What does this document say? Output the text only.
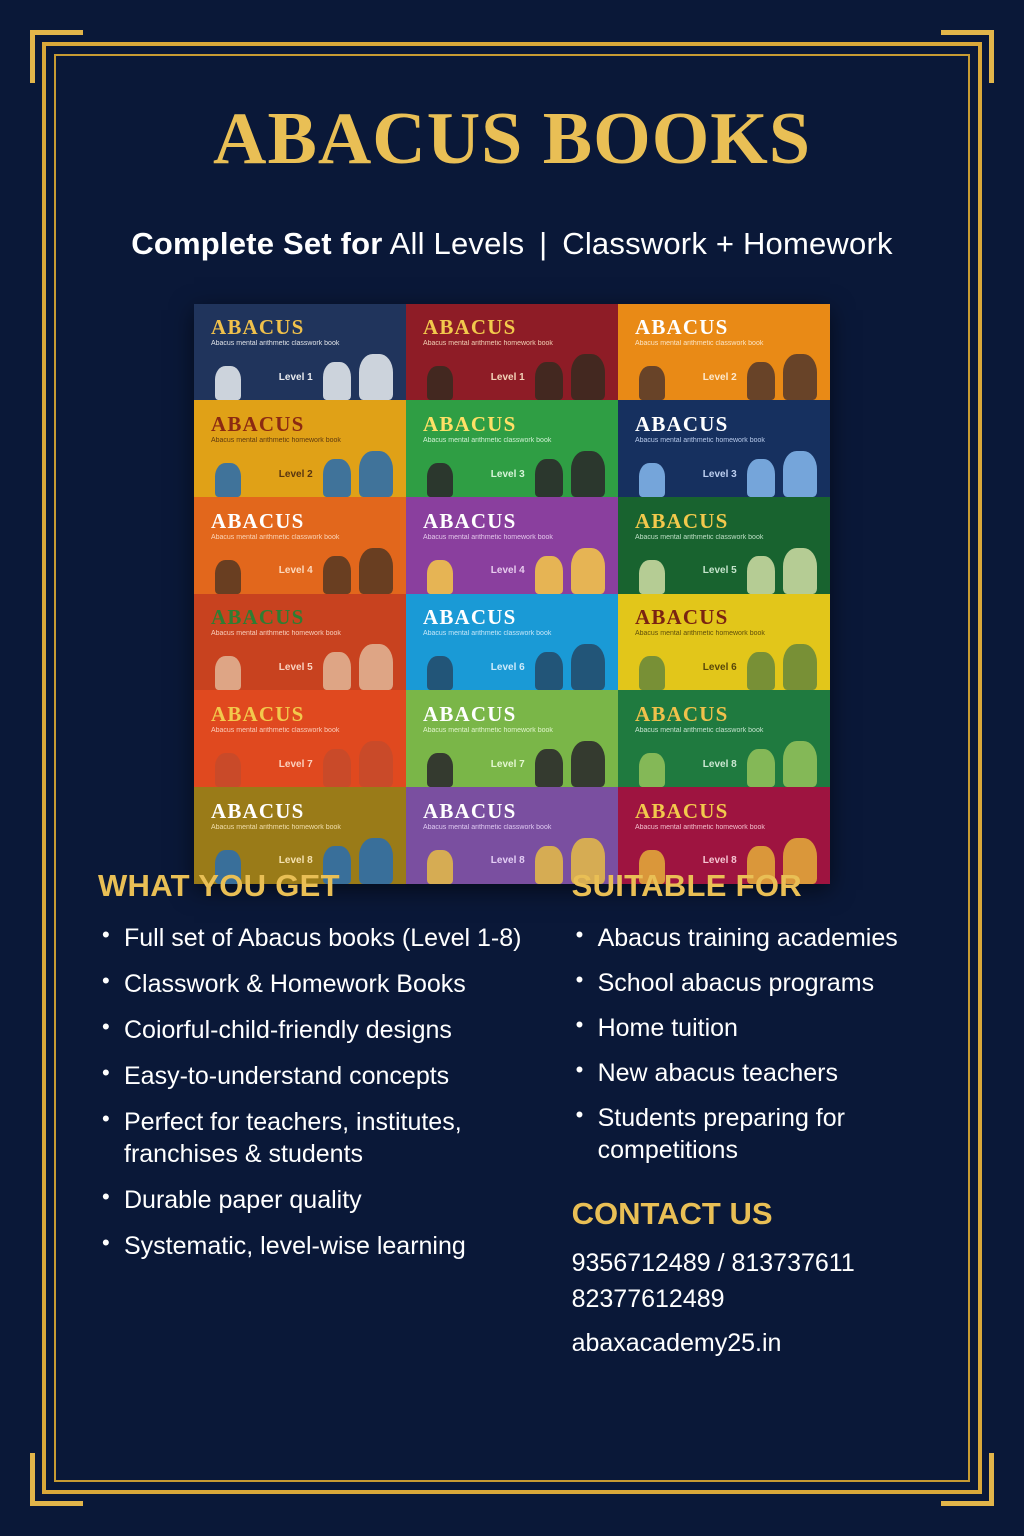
ABACUS BOOKS
Complete Set for All Levels | Classwork + Homework
ABACUS
Abacus mental arithmetic classwork book
Level 1
ABACUS
Abacus mental arithmetic homework book
Level 1
ABACUS
Abacus mental arithmetic classwork book
Level 2
ABACUS
Abacus mental arithmetic homework book
Level 2
ABACUS
Abacus mental arithmetic classwork book
Level 3
ABACUS
Abacus mental arithmetic homework book
Level 3
ABACUS
Abacus mental arithmetic classwork book
Level 4
ABACUS
Abacus mental arithmetic homework book
Level 4
ABACUS
Abacus mental arithmetic classwork book
Level 5
ABACUS
Abacus mental arithmetic homework book
Level 5
ABACUS
Abacus mental arithmetic classwork book
Level 6
ABACUS
Abacus mental arithmetic homework book
Level 6
ABACUS
Abacus mental arithmetic classwork book
Level 7
ABACUS
Abacus mental arithmetic homework book
Level 7
ABACUS
Abacus mental arithmetic classwork book
Level 8
ABACUS
Abacus mental arithmetic homework book
Level 8
ABACUS
Abacus mental arithmetic classwork book
Level 8
ABACUS
Abacus mental arithmetic homework book
Level 8
WHAT YOU GET
• Full set of Abacus books (Level 1‑8)
• Classwork & Homework Books
• Coiorful-child-friendly designs
• Easy-to-understand concepts
• Perfect for teachers, institutes, franchises & students
• Durable paper quality
• Systematic, level-wise learning
SUITABLE FOR
• Abacus training academies
• School abacus programs
• Home tuition
• New abacus teachers
• Students preparing for competitions
CONTACT US
9356712489 / 813737611
82377612489
abaxacademy25.in
